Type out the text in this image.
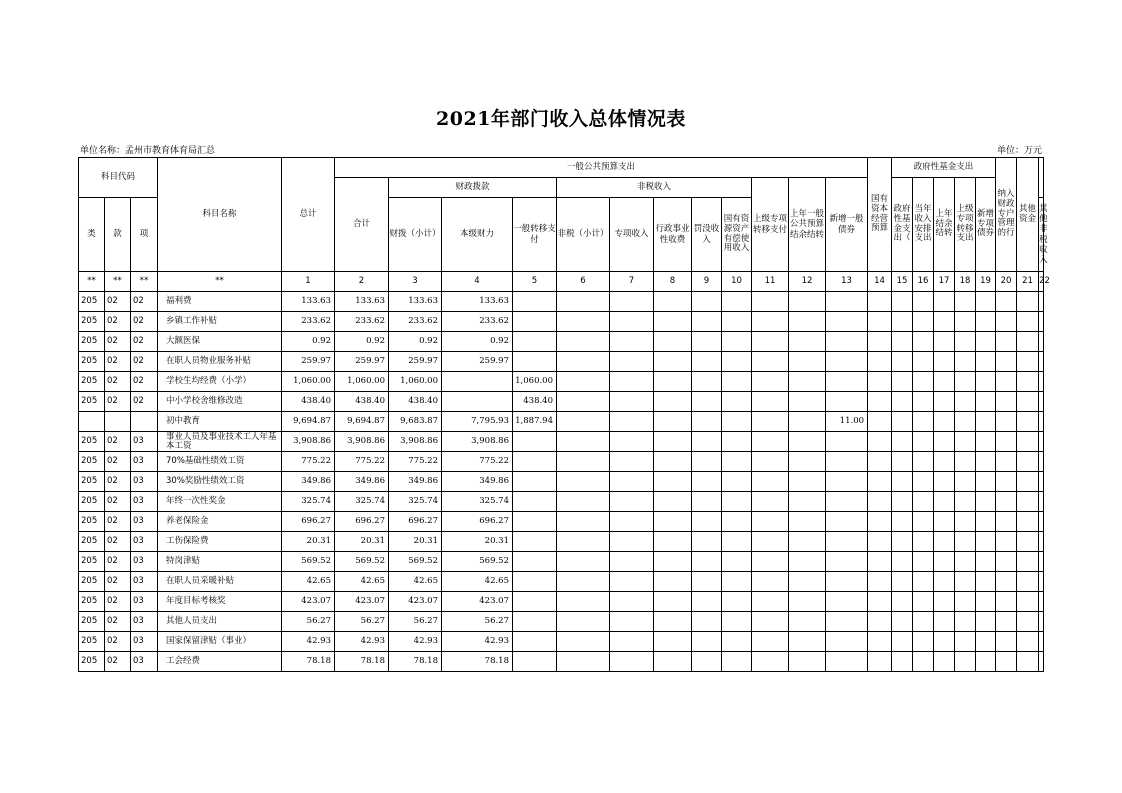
2021年部门收入总体情况表
单位名称：孟州市教育体育局汇总	单位：万元
科目代码			科目名称	总计	一般公共预算支出												国有资本经营预算	政府性基金支出					纳入财政专户管理的行	其他资金	
					合计	财政拨款			非税收入					上级专项转移支付	上年一般公共预算结余结转	新增一般债券		政府性基金支出（	当年收入安排支出	上年结余结转	上级专项转移支出	新增专项债券			
类	款	项				财拨（小计）	本级财力	一般转移支付	非税（小计）	专项收入	行政事业性收费	罚没收入	国有资源资产有偿使用收入												其他非税收入
**	**	**	**	1	2	3	4	5	6	7	8	9	10	11	12	13	14	15	16	17	18	19	20	21	22
205	02	02	福利费	133.63	133.63	133.63	133.63																		
205	02	02	乡镇工作补贴	233.62	233.62	233.62	233.62																		
205	02	02	大额医保	0.92	0.92	0.92	0.92																		
205	02	02	在职人员物业服务补贴	259.97	259.97	259.97	259.97																		
205	02	02	学校生均经费（小学）	1,060.00	1,060.00	1,060.00		1,060.00																	
205	02	02	中小学校舍维修改造	438.40	438.40	438.40		438.40																	
			初中教育	9,694.87	9,694.87	9,683.87	7,795.93	1,887.94								11.00									
205	02	03	事业人员及事业技术工人年基本工资	3,908.86	3,908.86	3,908.86	3,908.86																		
205	02	03	70%基础性绩效工资	775.22	775.22	775.22	775.22																		
205	02	03	30%奖励性绩效工资	349.86	349.86	349.86	349.86																		
205	02	03	年终一次性奖金	325.74	325.74	325.74	325.74																		
205	02	03	养老保险金	696.27	696.27	696.27	696.27																		
205	02	03	工伤保险费	20.31	20.31	20.31	20.31																		
205	02	03	特岗津贴	569.52	569.52	569.52	569.52																		
205	02	03	在职人员采暖补贴	42.65	42.65	42.65	42.65																		
205	02	03	年度目标考核奖	423.07	423.07	423.07	423.07																		
205	02	03	其他人员支出	56.27	56.27	56.27	56.27																		
205	02	03	国家保留津贴（事业）	42.93	42.93	42.93	42.93																		
205	02	03	工会经费	78.18	78.18	78.18	78.18																		
